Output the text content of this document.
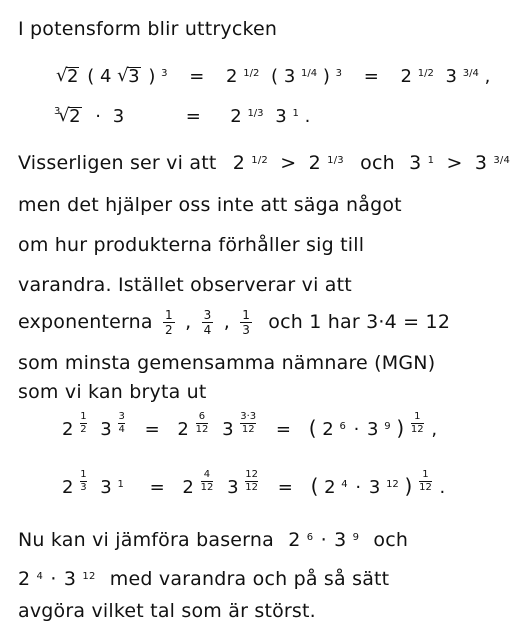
I potensform blir uttrycken
√ 2 ( 4 √ 3 ) $^3$ = 2 $^{1/2}$ ( 3 $^{1/4}$ ) $^3$ = 2 $^{1/2}$ 3 $^{3/4}$ ,
$^3$ √ 2 · 3	= 2 $^{1/3}$ 3 $^1$ .
Visserligen ser vi att 2 $^{1/2}$ > 2 $^{1/3}$ och 3 $^1$ > 3 $^{3/4}$
men det hjälper oss inte att säga något
om hur produkterna förhåller sig till
varandra. Istället observerar vi att
exponenterna $\frac{1}{2}$ , $\frac{3}{4}$ , $\frac{1}{3}$ och 1 har 3·4 = 12
som minsta gemensamma nämnare (MGN)
som vi kan bryta ut
$2 \frac{1}{2} 3 \frac{3}{4} = 2 \frac{6}{12} 3 \frac{3\cdot 3}{12}$ = ( 2 $^6$ · 3 $^9$ ) $\frac{1}{12}$ ,
$2 \frac{1}{3} 3$ $^1 = 2 \frac{4}{12} 3 \frac{12}{12}$ = ( 2 $^4$ · 3 $^{12}$ ) $\frac{1}{12}$ .
Nu kan vi jämföra baserna 2 $^6$ · 3 $^9$ och
2 $^4$ · 3 $^{12}$ med varandra och på så sätt
avgöra vilket tal som är störst.
